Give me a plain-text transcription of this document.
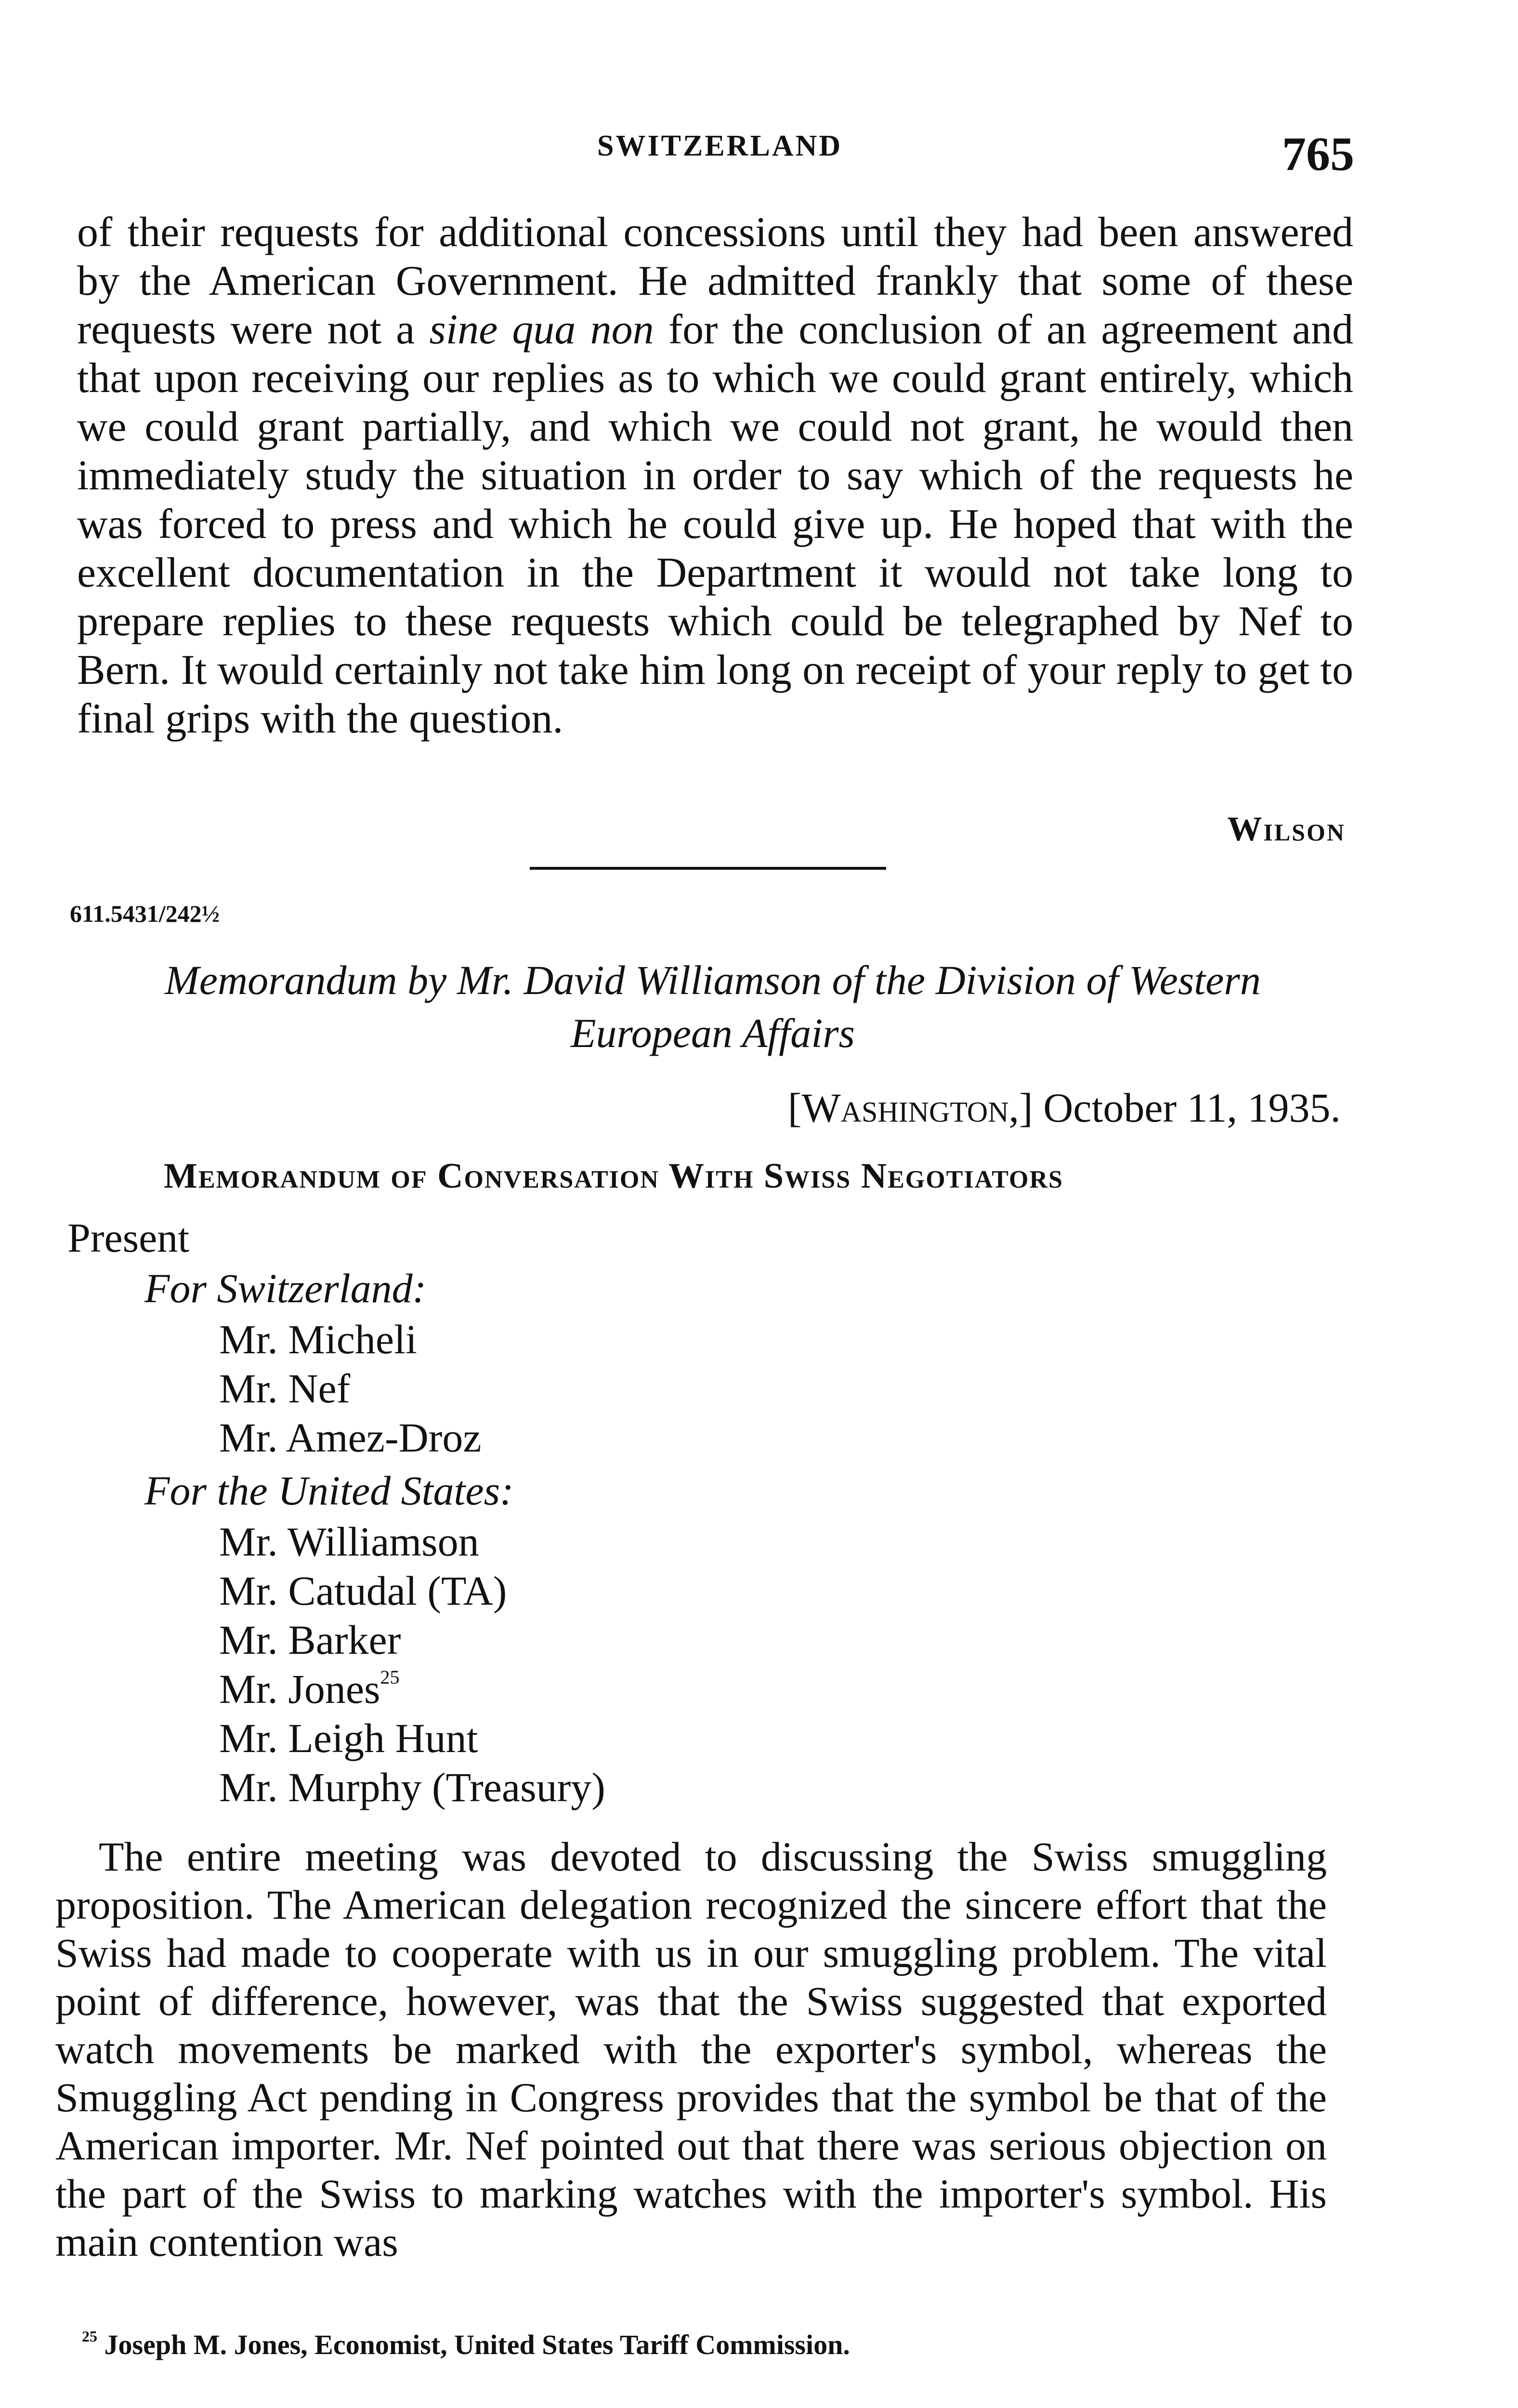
SWITZERLAND	765
of their requests for additional concessions until they had been answered by the American Government. He admitted frankly that some of these requests were not a sine qua non for the conclusion of an agreement and that upon receiving our replies as to which we could grant entirely, which we could grant partially, and which we could not grant, he would then immediately study the situation in order to say which of the requests he was forced to press and which he could give up. He hoped that with the excellent documentation in the Department it would not take long to prepare replies to these requests which could be telegraphed by Nef to Bern. It would certainly not take him long on receipt of your reply to get to final grips with the question.
Wilson
611.5431/242½
Memorandum by Mr. David Williamson of the Division of Western
European Affairs
[Washington,] October 11, 1935.
Memorandum of Conversation With Swiss Negotiators
Present
For Switzerland:
Mr. Micheli
Mr. Nef
Mr. Amez-Droz
For the United States:
Mr. Williamson
Mr. Catudal (TA)
Mr. Barker
Mr. Jones$^{25}$
Mr. Leigh Hunt
Mr. Murphy (Treasury)
The entire meeting was devoted to discussing the Swiss smuggling proposition. The American delegation recognized the sincere effort that the Swiss had made to cooperate with us in our smuggling problem. The vital point of difference, however, was that the Swiss suggested that exported watch movements be marked with the exporter's symbol, whereas the Smuggling Act pending in Congress provides that the symbol be that of the American importer. Mr. Nef pointed out that there was serious objection on the part of the Swiss to marking watches with the importer's symbol. His main contention was
$^{25}$ Joseph M. Jones, Economist, United States Tariff Commission.
